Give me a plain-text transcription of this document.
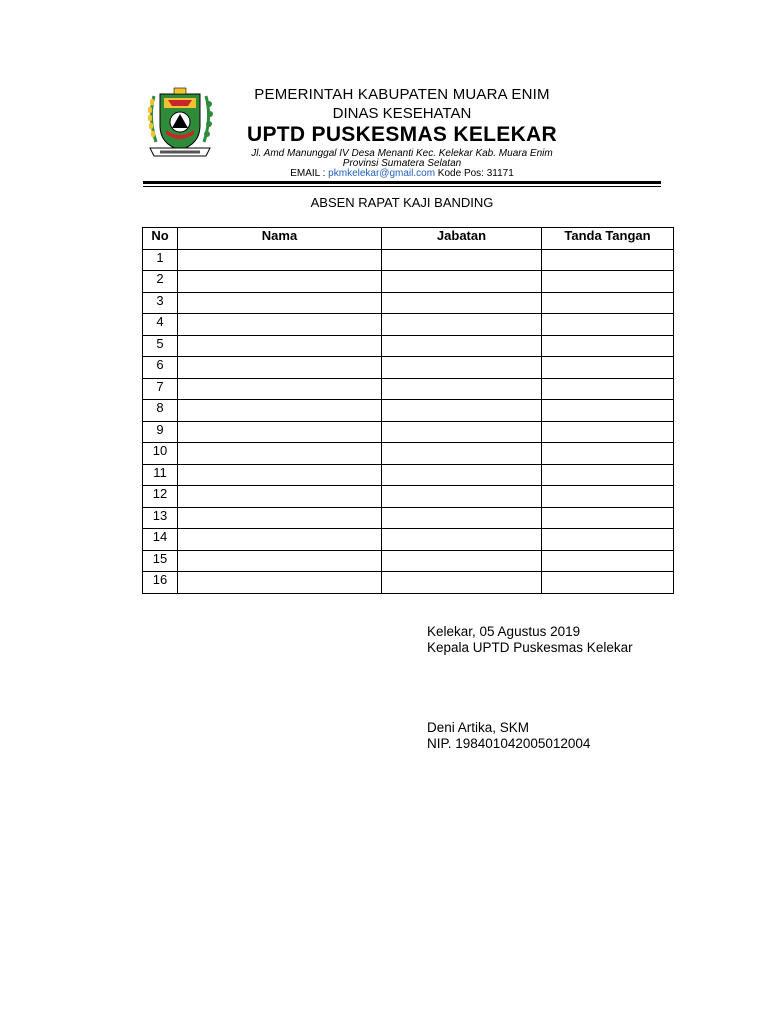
PEMERINTAH KABUPATEN MUARA ENIM
DINAS KESEHATAN
UPTD PUSKESMAS KELEKAR
Jl. Amd Manunggal IV Desa Menanti Kec. Kelekar Kab. Muara Enim
Provinsi Sumatera Selatan
EMAIL : pkmkelekar@gmail.com Kode Pos: 31171
ABSEN RAPAT KAJI BANDING
No	Nama	Jabatan	Tanda Tangan
1			
2			
3			
4			
5			
6			
7			
8			
9			
10			
11			
12			
13			
14			
15			
16			
Kelekar, 05 Agustus 2019
Kepala UPTD Puskesmas Kelekar
Deni Artika, SKM
NIP. 198401042005012004
